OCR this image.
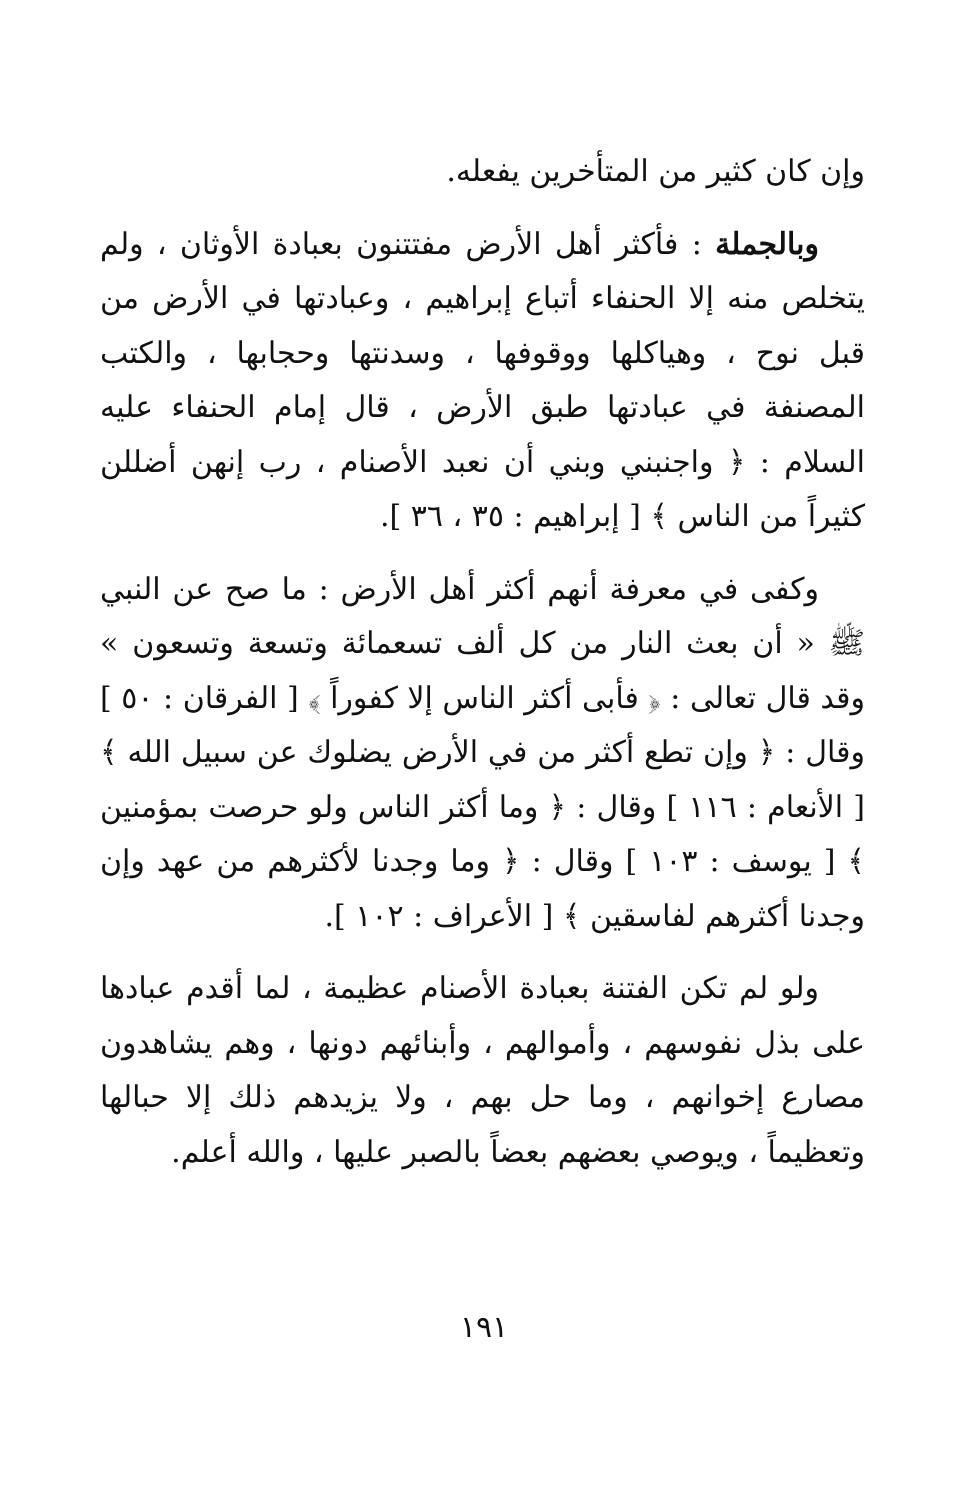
وإن كان كثير من المتأخرين يفعله.

وبالجملة : فأكثر أهل الأرض مفتتنون بعبادة الأوثان ، ولم يتخلص منه إلا الحنفاء أتباع إبراهيم ، وعبادتها في الأرض من قبل نوح ، وهياكلها ووقوفها ، وسدنتها وحجابها ، والكتب المصنفة في عبادتها طبق الأرض ، قال إمام الحنفاء عليه السلام : ﴿ واجنبني وبني أن نعبد الأصنام ، رب إنهن أضللن كثيراً من الناس ﴾ [ إبراهيم : ٣٥ ، ٣٦ ].

وكفى في معرفة أنهم أكثر أهل الأرض : ما صح عن النبي ﷺ « أن بعث النار من كل ألف تسعمائة وتسعة وتسعون » وقد قال تعالى : ﴿ فأبى أكثر الناس إلا كفوراً ﴾ [ الفرقان : ٥٠ ] وقال : ﴿ وإن تطع أكثر من في الأرض يضلوك عن سبيل الله ﴾ [ الأنعام : ١١٦ ] وقال : ﴿ وما أكثر الناس ولو حرصت بمؤمنين ﴾ [ يوسف : ١٠٣ ] وقال : ﴿ وما وجدنا لأكثرهم من عهد وإن وجدنا أكثرهم لفاسقين ﴾ [ الأعراف : ١٠٢ ].

ولو لم تكن الفتنة بعبادة الأصنام عظيمة ، لما أقدم عبادها على بذل نفوسهم ، وأموالهم ، وأبنائهم دونها ، وهم يشاهدون مصارع إخوانهم ، وما حل بهم ، ولا يزيدهم ذلك إلا حبالها وتعظيماً ، ويوصي بعضهم بعضاً بالصبر عليها ، والله أعلم.

١٩١
